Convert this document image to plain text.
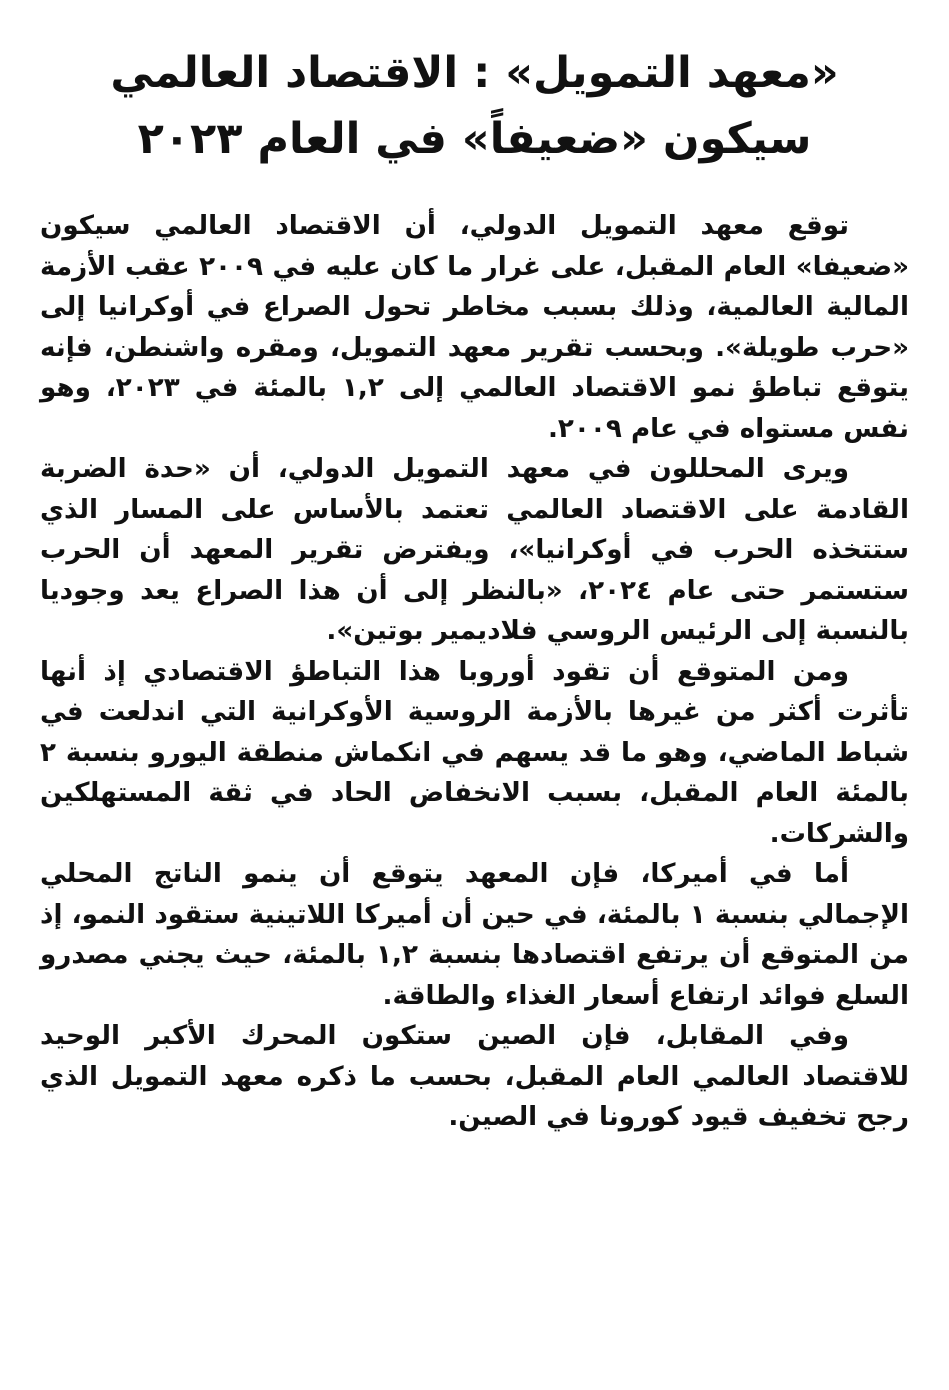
«معهد التمويل» : الاقتصاد العالمي
سيكون «ضعيفاً» في العام ٢٠٢٣

توقع معهد التمويل الدولي، أن الاقتصاد العالمي سيكون «ضعيفا» العام المقبل، على غرار ما كان عليه في ٢٠٠٩ عقب الأزمة المالية العالمية، وذلك بسبب مخاطر تحول الصراع في أوكرانيا إلى «حرب طويلة». وبحسب تقرير معهد التمويل، ومقره واشنطن، فإنه يتوقع تباطؤ نمو الاقتصاد العالمي إلى ١,٢ بالمئة في ٢٠٢٣، وهو نفس مستواه في عام ٢٠٠٩.

ويرى المحللون في معهد التمويل الدولي، أن «حدة الضربة القادمة على الاقتصاد العالمي تعتمد بالأساس على المسار الذي ستتخذه الحرب في أوكرانيا»، ويفترض تقرير المعهد أن الحرب ستستمر حتى عام ٢٠٢٤، «بالنظر إلى أن هذا الصراع يعد وجوديا بالنسبة إلى الرئيس الروسي فلاديمير بوتين».

ومن المتوقع أن تقود أوروبا هذا التباطؤ الاقتصادي إذ أنها تأثرت أكثر من غيرها بالأزمة الروسية الأوكرانية التي اندلعت في شباط الماضي، وهو ما قد يسهم في انكماش منطقة اليورو بنسبة ٢ بالمئة العام المقبل، بسبب الانخفاض الحاد في ثقة المستهلكين والشركات.

أما في أميركا، فإن المعهد يتوقع أن ينمو الناتج المحلي الإجمالي بنسبة ١ بالمئة، في حين أن أميركا اللاتينية ستقود النمو، إذ من المتوقع أن يرتفع اقتصادها بنسبة ١,٢ بالمئة، حيث يجني مصدرو السلع فوائد ارتفاع أسعار الغذاء والطاقة.

وفي المقابل، فإن الصين ستكون المحرك الأكبر الوحيد للاقتصاد العالمي العام المقبل، بحسب ما ذكره معهد التمويل الذي رجح تخفيف قيود كورونا في الصين.
